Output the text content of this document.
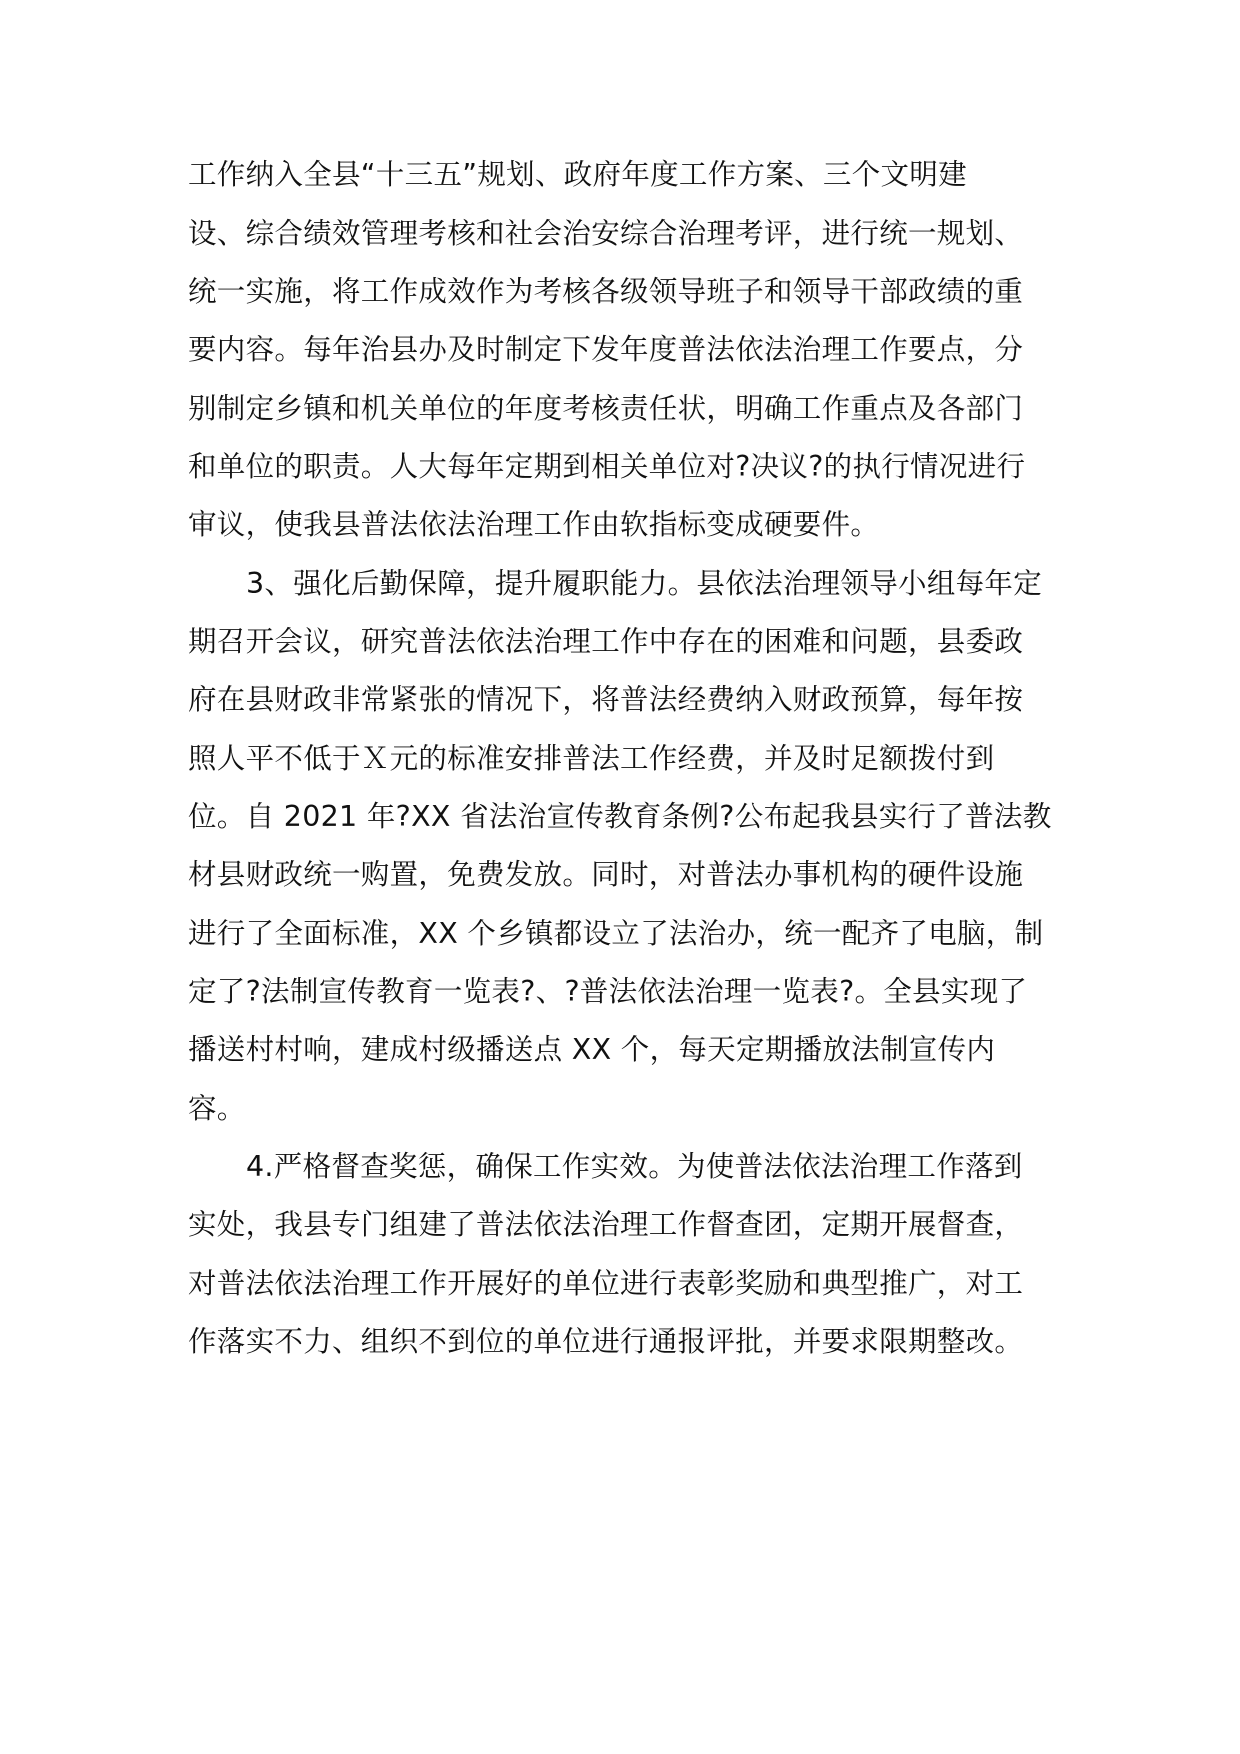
工作纳入全县“十三五”规划、政府年度工作方案、三个文明建
设、综合绩效管理考核和社会治安综合治理考评，进行统一规划、
统一实施，将工作成效作为考核各级领导班子和领导干部政绩的重
要内容。每年治县办及时制定下发年度普法依法治理工作要点，分
别制定乡镇和机关单位的年度考核责任状，明确工作重点及各部门
和单位的职责。人大每年定期到相关单位对?决议?的执行情况进行
审议，使我县普法依法治理工作由软指标变成硬要件。
3、强化后勤保障，提升履职能力。县依法治理领导小组每年定
期召开会议，研究普法依法治理工作中存在的困难和问题，县委政
府在县财政非常紧张的情况下，将普法经费纳入财政预算，每年按
照人平不低于Ｘ元的标准安排普法工作经费，并及时足额拨付到
位。自 2021 年?XX 省法治宣传教育条例?公布起我县实行了普法教
材县财政统一购置，免费发放。同时，对普法办事机构的硬件设施
进行了全面标准，XX 个乡镇都设立了法治办，统一配齐了电脑，制
定了?法制宣传教育一览表?、?普法依法治理一览表?。全县实现了
播送村村响，建成村级播送点 XX 个，每天定期播放法制宣传内
容。
4.严格督查奖惩，确保工作实效。为使普法依法治理工作落到
实处，我县专门组建了普法依法治理工作督查团，定期开展督查，
对普法依法治理工作开展好的单位进行表彰奖励和典型推广，对工
作落实不力、组织不到位的单位进行通报评批，并要求限期整改。
